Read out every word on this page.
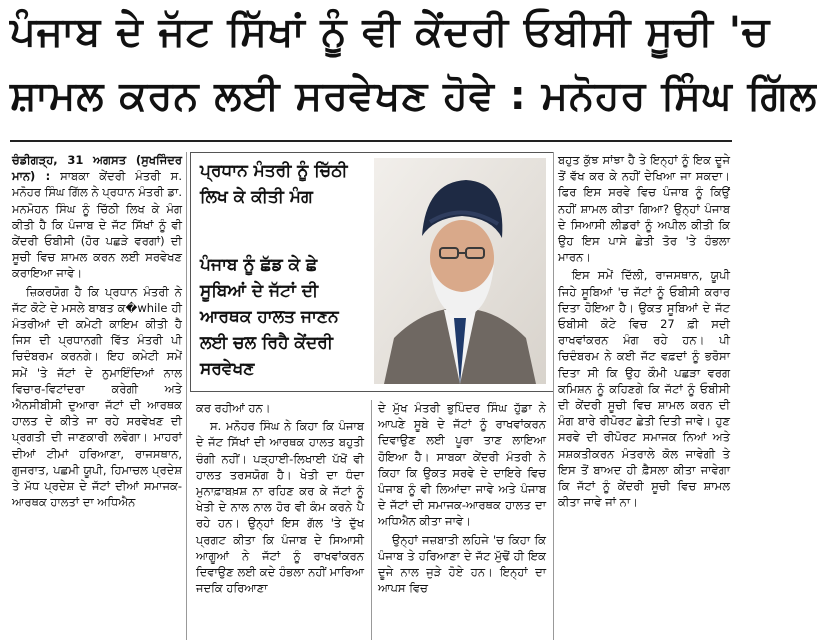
ਪੰਜਾਬ ਦੇ ਜੱਟ ਸਿੱਖਾਂ ਨੂੰ ਵੀ ਕੇਂਦਰੀ ਓਬੀਸੀ ਸੂਚੀ 'ਚ
ਸ਼ਾਮਲ ਕਰਨ ਲਈ ਸਰਵੇਖਣ ਹੋਵੇ : ਮਨੋਹਰ ਸਿੰਘ ਗਿੱਲ

ਚੰਡੀਗੜ੍ਹ, 31 ਅਗਸਤ (ਸੁਖਜਿੰਦਰ ਮਾਨ) : ਸਾਬਕਾ ਕੇਂਦਰੀ ਮੰਤਰੀ ਸ. ਮਨੋਹਰ ਸਿੰਘ ਗਿੱਲ ਨੇ ਪ੍ਰਧਾਨ ਮੰਤਰੀ ਡਾ. ਮਨਮੋਹਨ ਸਿੰਘ ਨੂੰ ਚਿੱਠੀ ਲਿਖ ਕੇ ਮੰਗ ਕੀਤੀ ਹੈ ਕਿ ਪੰਜਾਬ ਦੇ ਜੱਟ ਸਿੱਖਾਂ ਨੂੰ ਵੀ ਕੇਂਦਰੀ ਓਬੀਸੀ (ਹੋਰ ਪਛੜੇ ਵਰਗਾਂ) ਦੀ ਸੂਚੀ ਵਿਚ ਸ਼ਾਮਲ ਕਰਨ ਲਈ ਸਰਵੇਖਣ ਕਰਾਇਆ ਜਾਵੇ।

ਜ਼ਿਕਰਯੋਗ ਹੈ ਕਿ ਪ੍ਰਧਾਨ ਮੰਤਰੀ ਨੇ ਜੱਟ ਕੋਟੇ ਦੇ ਮਸਲੇ ਬਾਬਤ ਕ�while ਹੀ ਮੰਤਰੀਆਂ ਦੀ ਕਮੇਟੀ ਕਾਇਮ ਕੀਤੀ ਹੈ ਜਿਸ ਦੀ ਪ੍ਰਧਾਨਗੀ ਵਿੱਤ ਮੰਤਰੀ ਪੀ ਚਿਦੰਬਰਮ ਕਰਨਗੇ। ਇਹ ਕਮੇਟੀ ਸਮੇਂ ਸਮੇਂ 'ਤੇ ਜੱਟਾਂ ਦੇ ਨੁਮਾਇੰਦਿਆਂ ਨਾਲ ਵਿਚਾਰ-ਵਿਟਾਂਦਰਾ ਕਰੇਗੀ ਅਤੇ ਐਨਸੀਬੀਸੀ ਦੁਆਰਾ ਜੱਟਾਂ ਦੀ ਆਰਥਕ ਹਾਲਤ ਦੇ ਕੀਤੇ ਜਾ ਰਹੇ ਸਰਵੇਖਣ ਦੀ ਪ੍ਰਗਤੀ ਦੀ ਜਾਣਕਾਰੀ ਲਵੇਗਾ। ਮਾਹਰਾਂ ਦੀਆਂ ਟੀਮਾਂ ਹਰਿਆਣਾ, ਰਾਜਸਥਾਨ, ਗੁਜਰਾਤ, ਪਛਮੀ ਯੂਪੀ, ਹਿਮਾਚਲ ਪ੍ਰਦੇਸ਼ ਤੇ ਮੱਧ ਪ੍ਰਦੇਸ਼ ਦੇ ਜੱਟਾਂ ਦੀਆਂ ਸਮਾਜਕ-ਆਰਥਕ ਹਾਲਤਾਂ ਦਾ ਅਧਿਐਨ

ਪ੍ਰਧਾਨ ਮੰਤਰੀ ਨੂੰ ਚਿੱਠੀ ਲਿਖ ਕੇ ਕੀਤੀ ਮੰਗ
ਪੰਜਾਬ ਨੂੰ ਛੱਡ ਕੇ ਛੇ ਸੂਬਿਆਂ ਦੇ ਜੱਟਾਂ ਦੀ ਆਰਥਕ ਹਾਲਤ ਜਾਣਨ ਲਈ ਚਲ ਰਿਹੈ ਕੇਂਦਰੀ ਸਰਵੇਖਣ

ਕਰ ਰਹੀਆਂ ਹਨ।

ਸ. ਮਨੋਹਰ ਸਿੰਘ ਨੇ ਕਿਹਾ ਕਿ ਪੰਜਾਬ ਦੇ ਜੱਟ ਸਿੱਖਾਂ ਦੀ ਆਰਥਕ ਹਾਲਤ ਬਹੁਤੀ ਚੰਗੀ ਨਹੀਂ। ਪੜ੍ਹਾਈ-ਲਿਖਾਈ ਪੱਖੋਂ ਵੀ ਹਾਲਤ ਤਰਸਯੋਗ ਹੈ। ਖੇਤੀ ਦਾ ਧੰਦਾ ਮੁਨਾਫ਼ਾਬਖ਼ਸ਼ ਨਾ ਰਹਿਣ ਕਰ ਕੇ ਜੱਟਾਂ ਨੂੰ ਖੇਤੀ ਦੇ ਨਾਲ ਨਾਲ ਹੋਰ ਵੀ ਕੰਮ ਕਰਨੇ ਪੈ ਰਹੇ ਹਨ। ਉਨ੍ਹਾਂ ਇਸ ਗੱਲ 'ਤੇ ਦੁੱਖ ਪ੍ਰਗਟ ਕੀਤਾ ਕਿ ਪੰਜਾਬ ਦੇ ਸਿਆਸੀ ਆਗੂਆਂ ਨੇ ਜੱਟਾਂ ਨੂੰ ਰਾਖਵਾਂਕਰਨ ਦਿਵਾਉਣ ਲਈ ਕਦੇ ਹੰਭਲਾ ਨਹੀਂ ਮਾਰਿਆ ਜਦਕਿ ਹਰਿਆਣਾ

ਦੇ ਮੁੱਖ ਮੰਤਰੀ ਭੁਪਿੰਦਰ ਸਿੰਘ ਹੁੱਡਾ ਨੇ ਆਪਣੇ ਸੂਬੇ ਦੇ ਜੱਟਾਂ ਨੂੰ ਰਾਖਵਾਂਕਰਨ ਦਿਵਾਉਣ ਲਈ ਪੂਰਾ ਤਾਣ ਲਾਇਆ ਹੋਇਆ ਹੈ। ਸਾਬਕਾ ਕੇਂਦਰੀ ਮੰਤਰੀ ਨੇ ਕਿਹਾ ਕਿ ਉਕਤ ਸਰਵੇ ਦੇ ਦਾਇਰੇ ਵਿਚ ਪੰਜਾਬ ਨੂੰ ਵੀ ਲਿਆਂਦਾ ਜਾਵੇ ਅਤੇ ਪੰਜਾਬ ਦੇ ਜੱਟਾਂ ਦੀ ਸਮਾਜਕ-ਆਰਥਕ ਹਾਲਤ ਦਾ ਅਧਿਐਨ ਕੀਤਾ ਜਾਵੇ।

ਉਨ੍ਹਾਂ ਜਜ਼ਬਾਤੀ ਲਹਿਜੇ 'ਚ ਕਿਹਾ ਕਿ ਪੰਜਾਬ ਤੇ ਹਰਿਆਣਾ ਦੇ ਜੱਟ ਮੁੱਢੋਂ ਹੀ ਇਕ ਦੂਜੇ ਨਾਲ ਜੁੜੇ ਹੋਏ ਹਨ। ਇਨ੍ਹਾਂ ਦਾ ਆਪਸ ਵਿਚ

ਬਹੁਤ ਕੁੱਝ ਸਾਂਝਾ ਹੈ ਤੇ ਇਨ੍ਹਾਂ ਨੂੰ ਇਕ ਦੂਜੇ ਤੋਂ ਵੱਖ ਕਰ ਕੇ ਨਹੀਂ ਦੇਖਿਆ ਜਾ ਸਕਦਾ। ਫਿਰ ਇਸ ਸਰਵੇ ਵਿਚ ਪੰਜਾਬ ਨੂੰ ਕਿਉਂ ਨਹੀਂ ਸ਼ਾਮਲ ਕੀਤਾ ਗਿਆ? ਉਨ੍ਹਾਂ ਪੰਜਾਬ ਦੇ ਸਿਆਸੀ ਲੀਡਰਾਂ ਨੂੰ ਅਪੀਲ ਕੀਤੀ ਕਿ ਉਹ ਇਸ ਪਾਸੇ ਛੇਤੀ ਤੋਰ 'ਤੇ ਹੰਭਲਾ ਮਾਰਨ।

ਇਸ ਸਮੇਂ ਦਿੱਲੀ, ਰਾਜਸਥਾਨ, ਯੂਪੀ ਜਿਹੇ ਸੂਬਿਆਂ 'ਚ ਜੱਟਾਂ ਨੂੰ ਓਬੀਸੀ ਕਰਾਰ ਦਿਤਾ ਹੋਇਆ ਹੈ। ਉਕਤ ਸੂਬਿਆਂ ਦੇ ਜੱਟ ਓਬੀਸੀ ਕੋਟੇ ਵਿਚ 27 ਫ਼ੀ ਸਦੀ ਰਾਖਵਾਂਕਰਨ ਮੰਗ ਰਹੇ ਹਨ। ਪੀ ਚਿਦੰਬਰਮ ਨੇ ਕਈ ਜੱਟ ਵਫ਼ਦਾਂ ਨੂੰ ਭਰੋਸਾ ਦਿਤਾ ਸੀ ਕਿ ਉਹ ਕੌਮੀ ਪਛੜਾ ਵਰਗ ਕਮਿਸ਼ਨ ਨੂੰ ਕਹਿਣਗੇ ਕਿ ਜੱਟਾਂ ਨੂੰ ਓਬੀਸੀ ਦੀ ਕੇਂਦਰੀ ਸੂਚੀ ਵਿਚ ਸ਼ਾਮਲ ਕਰਨ ਦੀ ਮੰਗ ਬਾਰੇ ਰੀਪੋਰਟ ਛੇਤੀ ਦਿਤੀ ਜਾਵੇ। ਹੁਣ ਸਰਵੇ ਦੀ ਰੀਪੋਰਟ ਸਮਾਜਕ ਨਿਆਂ ਅਤੇ ਸਸ਼ਕਤੀਕਰਨ ਮੰਤਰਾਲੇ ਕੋਲ ਜਾਵੇਗੀ ਤੇ ਇਸ ਤੋਂ ਬਾਅਦ ਹੀ ਫ਼ੈਸਲਾ ਕੀਤਾ ਜਾਵੇਗਾ ਕਿ ਜੱਟਾਂ ਨੂੰ ਕੇਂਦਰੀ ਸੂਚੀ ਵਿਚ ਸ਼ਾਮਲ ਕੀਤਾ ਜਾਵੇ ਜਾਂ ਨਾ।
